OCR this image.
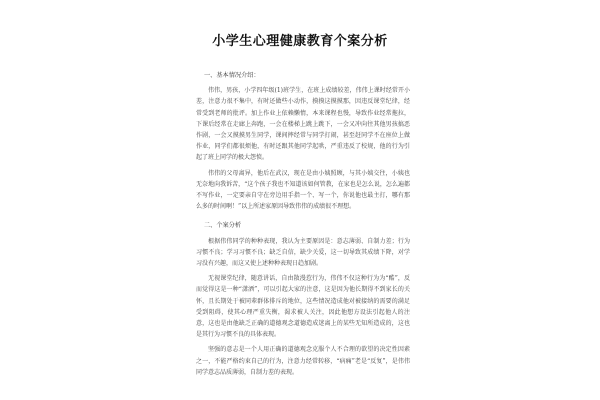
小学生心理健康教育个案分析
一、基本情况介绍：

伟伟，男孩，小学四年级(1)班学生，在班上成绩较差，伟伟上课时经常开小差，注意力很不集中，有时还做些小动作，摸摸这摸摸那，因违反课堂纪律，经常受到老师的批评。加上作业上依赖懒惰，本来课程也慢，导致作业经常拖拉，下课后经常在走廊上奔跑，一会在楼梯上跳上跳下，一会又冲向往其他男孩搞恶作剧，一会又摸摸男生同学，课间摔经常与同学打闹，甚至赶同学不在座位上做作业，同学们都很烦他，有时还跟其他同学起哄，严重违反了校规，他的行为引起了班上同学的极大怨愤。

伟伟的父母离异，他后在武汉，现在是由小姨照顾，与其小姨交往，小姨也无奈地向我诉苦，“这个孩子我也不知道该如何管教，在家也是怎么说，怎么遍都不写作业，一定要亲自守在旁边用手指一个、写一个，你说他也最主打，哪有那么多的时间啊！”以上所述家原因导致伟伟的成绩很不理想。

二、个案分析

根据伟伟同学的种种表现，我认为主要原因是：意志薄弱、自制力差；行为习惯不良；学习习惯不良；缺乏自信，缺少关爱，这一切导致其成绩下降，对学习没有兴趣，而这又使上述种种表现日趋加剧。

无视课堂纪律，随意讲话，自由散漫惹行为，伟伟不仅这种行为为“酷”，反而觉得这是一种“潇洒”，可以引起大家的注意，这是因为他长期得不到家长的关怀，且长期处于被同辈群体排斥的地位，这些情况造成他对被接纳的需要的满足受到阻碍，使其心理严重失衡，渴求被人关注，因此他想方设法引起他人的注意，这也是由他缺乏正确的道德观念道德造成迷离上的某些无知所造成的，这也是其行为习惯不良的具体表现。

坚强的意志是一个人用正确的道德观念克服个人不合理的欲望的决定性因素之一，不能严格约束自己的行为，注意力经常转移，“病痛”老是“反复”，是伟伟同学意志品质薄弱，自制力差的表现。
